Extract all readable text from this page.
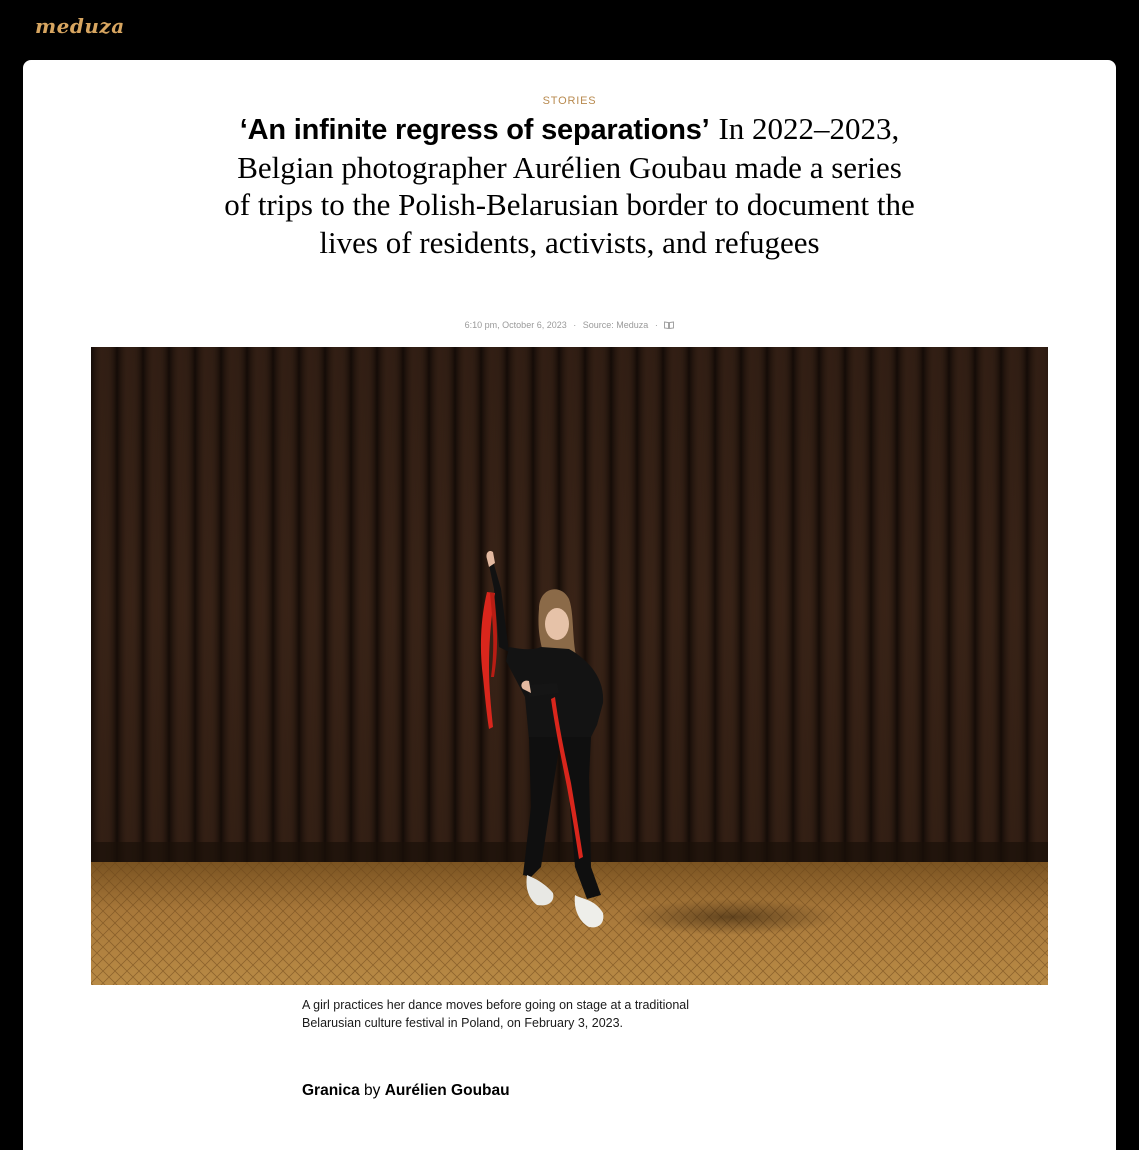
meduza
STORIES
‘An infinite regress of separations’ In 2022–2023, Belgian photographer Aurélien Goubau made a series of trips to the Polish-Belarusian border to document the lives of residents, activists, and refugees
6:10 pm, October 6, 2023 · Source: Meduza ·
A girl practices her dance moves before going on stage at a traditional Belarusian culture festival in Poland, on February 3, 2023.
Granica by Aurélien Goubau
